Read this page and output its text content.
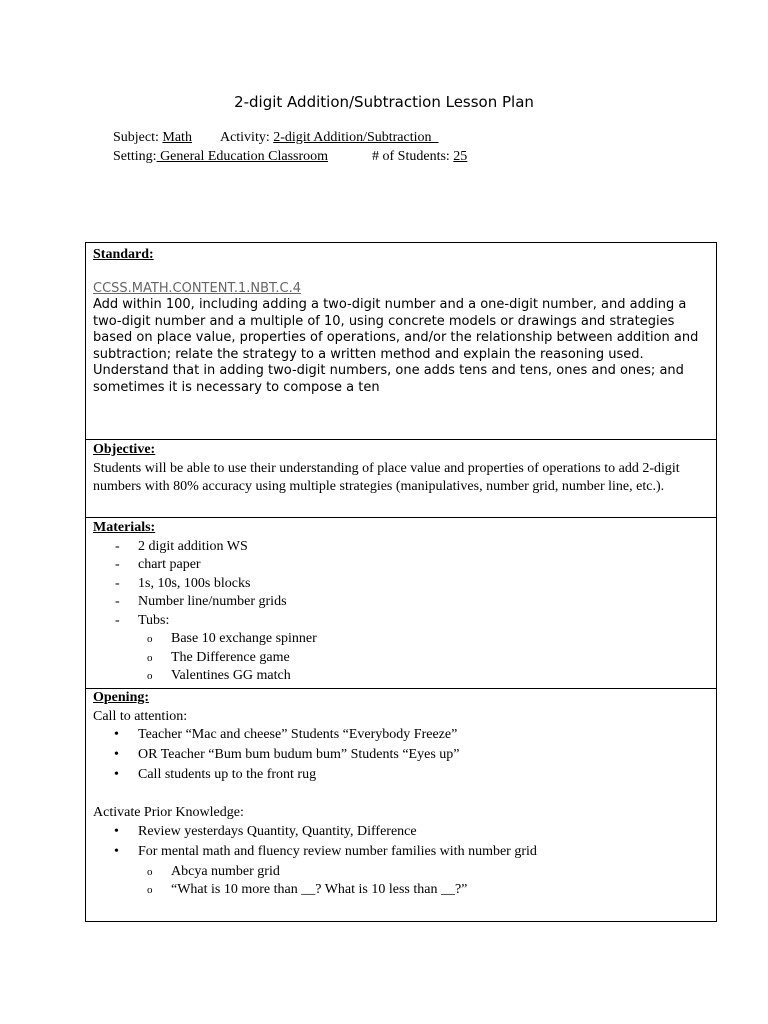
2-digit Addition/Subtraction Lesson Plan
Subject: Math Activity: 2-digit Addition/Subtraction
Setting: General Education Classroom	# of Students: 25
Standard:
CCSS.MATH.CONTENT.1.NBT.C.4
Add within 100, including adding a two-digit number and a one-digit number, and adding a two-digit number and a multiple of 10, using concrete models or drawings and strategies based on place value, properties of operations, and/or the relationship between addition and subtraction; relate the strategy to a written method and explain the reasoning used. Understand that in adding two-digit numbers, one adds tens and tens, ones and ones; and sometimes it is necessary to compose a ten
Objective:
Students will be able to use their understanding of place value and properties of operations to add 2-digit numbers with 80% accuracy using multiple strategies (manipulatives, number grid, number line, etc.).
Materials:
- 2 digit addition WS
- chart paper
- 1s, 10s, 100s blocks
- Number line/number grids
- Tubs:
o Base 10 exchange spinner
o The Difference game
o Valentines GG match
Opening:
Call to attention:
• Teacher “Mac and cheese” Students “Everybody Freeze”
• OR Teacher “Bum bum budum bum” Students “Eyes up”
• Call students up to the front rug
Activate Prior Knowledge:
• Review yesterdays Quantity, Quantity, Difference
• For mental math and fluency review number families with number grid
o Abcya number grid
o “What is 10 more than __? What is 10 less than __?”
